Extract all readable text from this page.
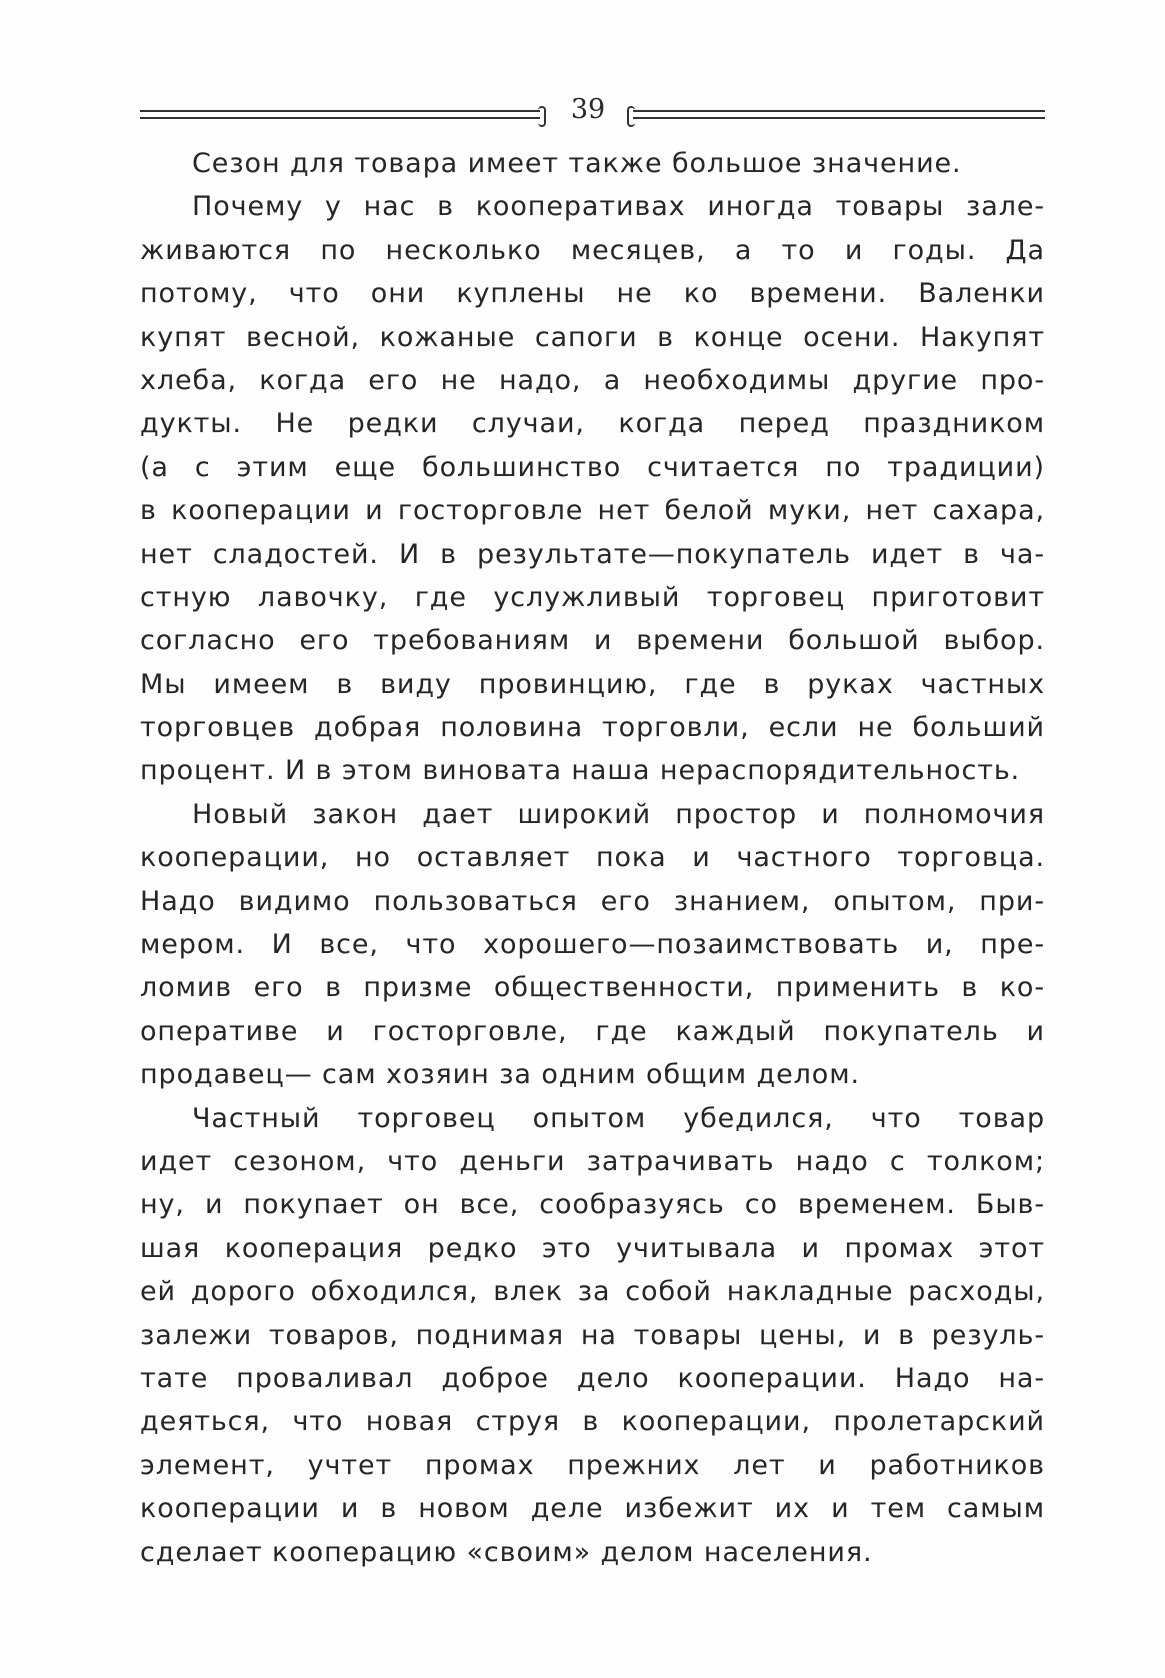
39
Сезон для товара имеет также большое значение.
Почему у нас в кооперативах иногда товары зале-
живаются по несколько месяцев, а то и годы. Да
потому, что они куплены не ко времени. Валенки
купят весной, кожаные сапоги в конце осени. Накупят
хлеба, когда его не надо, а необходимы другие про-
дукты. Не редки случаи, когда перед праздником
(а с этим еще большинство считается по традиции)
в кооперации и госторговле нет белой муки, нет сахара,
нет сладостей. И в результате—покупатель идет в ча-
стную лавочку, где услужливый торговец приготовит
согласно его требованиям и времени большой выбор.
Мы имеем в виду провинцию, где в руках частных
торговцев добрая половина торговли, если не больший
процент. И в этом виновата наша нераспорядительность.
Новый закон дает широкий простор и полномочия
кооперации, но оставляет пока и частного торговца.
Надо видимо пользоваться его знанием, опытом, при-
мером. И все, что хорошего—позаимствовать и, пре-
ломив его в призме общественности, применить в ко-
оперативе и госторговле, где каждый покупатель и
продавец— сам хозяин за одним общим делом.
Частный торговец опытом убедился, что товар
идет сезоном, что деньги затрачивать надо с толком;
ну, и покупает он все, сообразуясь со временем. Быв-
шая кооперация редко это учитывала и промах этот
ей дорого обходился, влек за собой накладные расходы,
залежи товаров, поднимая на товары цены, и в резуль-
тате проваливал доброе дело кооперации. Надо на-
деяться, что новая струя в кооперации, пролетарский
элемент, учтет промах прежних лет и работников
кооперации и в новом деле избежит их и тем самым
сделает кооперацию «своим» делом населения.
